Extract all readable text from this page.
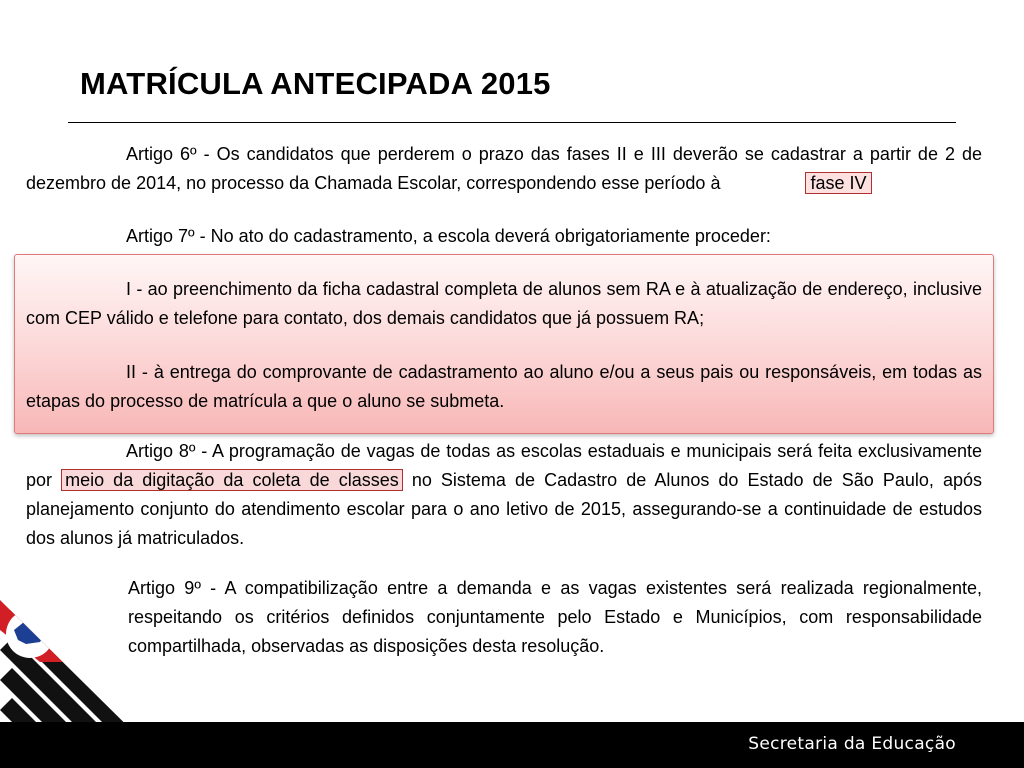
MATRÍCULA ANTECIPADA 2015

Artigo 6º - Os candidatos que perderem o prazo das fases II e III deverão se cadastrar a partir de 2 de dezembro de 2014, no processo da Chamada Escolar, correspondendo esse período à	fase IV

Artigo 7º - No ato do cadastramento, a escola deverá obrigatoriamente proceder:

I - ao preenchimento da ficha cadastral completa de alunos sem RA e à atualização de endereço, inclusive com CEP válido e telefone para contato, dos demais candidatos que já possuem RA;

II - à entrega do comprovante de cadastramento ao aluno e/ou a seus pais ou responsáveis, em todas as etapas do processo de matrícula a que o aluno se submeta.

Artigo 8º - A programação de vagas de todas as escolas estaduais e municipais será feita exclusivamente por meio da digitação da coleta de classes no Sistema de Cadastro de Alunos do Estado de São Paulo, após planejamento conjunto do atendimento escolar para o ano letivo de 2015, assegurando-se a continuidade de estudos dos alunos já matriculados.

Artigo 9º - A compatibilização entre a demanda e as vagas existentes será realizada regionalmente, respeitando os critérios definidos conjuntamente pelo Estado e Municípios, com responsabilidade compartilhada, observadas as disposições desta resolução.

Secretaria da Educação
